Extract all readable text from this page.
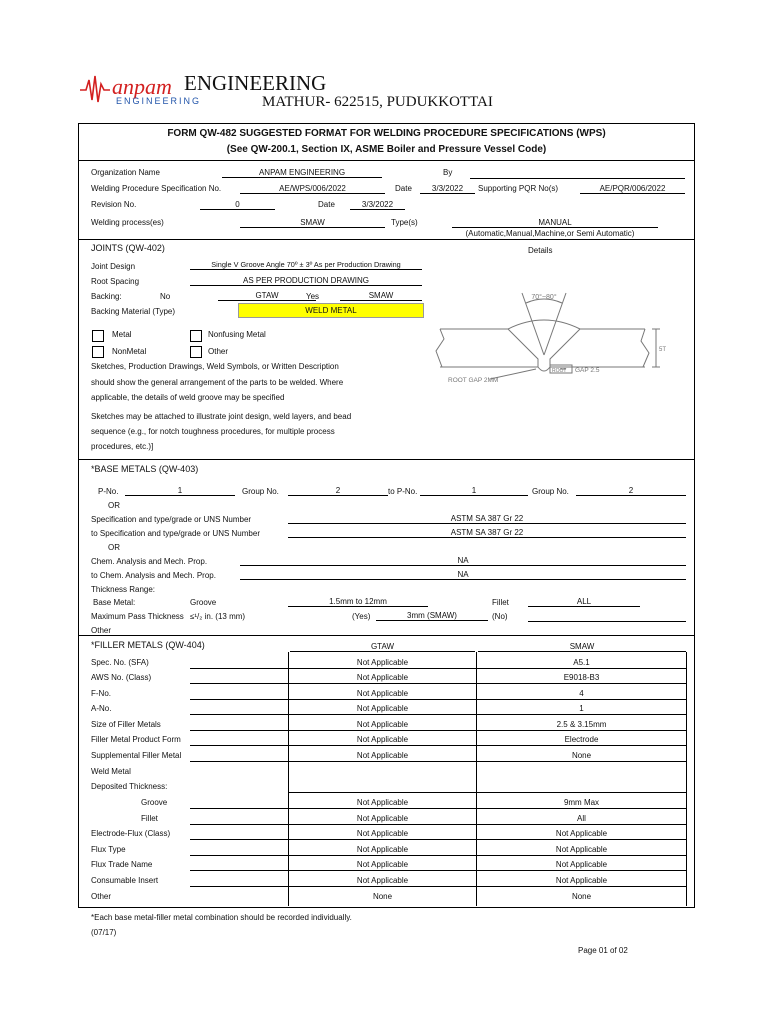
anpam
ENGINEERING
ENGINEERING
MATHUR- 622515, PUDUKKOTTAI
FORM QW-482 SUGGESTED FORMAT FOR WELDING PROCEDURE SPECIFICATIONS (WPS)
(See QW-200.1, Section IX, ASME Boiler and Pressure Vessel Code)
Organization Name	ANPAM ENGINEERING	By
Welding Procedure Specification No.	AE/WPS/006/2022	Date	3/3/2022	Supporting PQR No(s)	AE/PQR/006/2022
Revision No.	0	Date	3/3/2022
Welding process(es)	SMAW	Type(s)	MANUAL
(Automatic,Manual,Machine,or Semi Automatic)
JOINTS (QW-402)	Details
Joint Design	Single V Groove Angle 70º ± 3º As per Production Drawing
Root Spacing	AS PER PRODUCTION DRAWING
Backing:	No	GTAW	Yes	SMAW
Backing Material (Type)	WELD METAL
Metal	Nonfusing Metal
NonMetal	Other
Sketches, Production Drawings, Weld Symbols, or Written Description
should show the general arrangement of the parts to be welded. Where
applicable, the details of weld groove may be specified
Sketches may be attached to illustrate joint design, weld layers, and bead
sequence (e.g., for notch toughness procedures, for multiple process
procedures, etc.)]
70°~80°
ROOT GAP 2.5
ROOT GAP 2MM
5T
*BASE METALS (QW-403)
P-No.	1	Group No.	2	to P-No.	1	Group No.	2
OR
Specification and type/grade or UNS Number	ASTM SA 387 Gr 22
to Specification and type/grade or UNS Number	ASTM SA 387 Gr 22
OR
Chem. Analysis and Mech. Prop.	NA
to Chem. Analysis and Mech. Prop.	NA
Thickness Range:
Base Metal:	Groove	1.5mm to 12mm	Fillet	ALL
Maximum Pass Thickness ≤¹/₂ in. (13 mm)	(Yes)	3mm (SMAW)	(No)
Other
*FILLER METALS (QW-404)	GTAW	SMAW
Spec. No. (SFA)	Not Applicable	A5.1
AWS No. (Class)	Not Applicable	E9018-B3
F-No.	Not Applicable	4
A-No.	Not Applicable	1
Size of Filler Metals	Not Applicable	2.5 & 3.15mm
Filler Metal Product Form	Not Applicable	Electrode
Supplemental Filler Metal	Not Applicable	None
Weld Metal
Deposited Thickness:
Groove	Not Applicable	9mm Max
Fillet	Not Applicable	All
Electrode-Flux (Class)	Not Applicable	Not Applicable
Flux Type	Not Applicable	Not Applicable
Flux Trade Name	Not Applicable	Not Applicable
Consumable Insert	Not Applicable	Not Applicable
Other	None	None
*Each base metal-filler metal combination should be recorded individually.
(07/17)
Page 01 of 02
